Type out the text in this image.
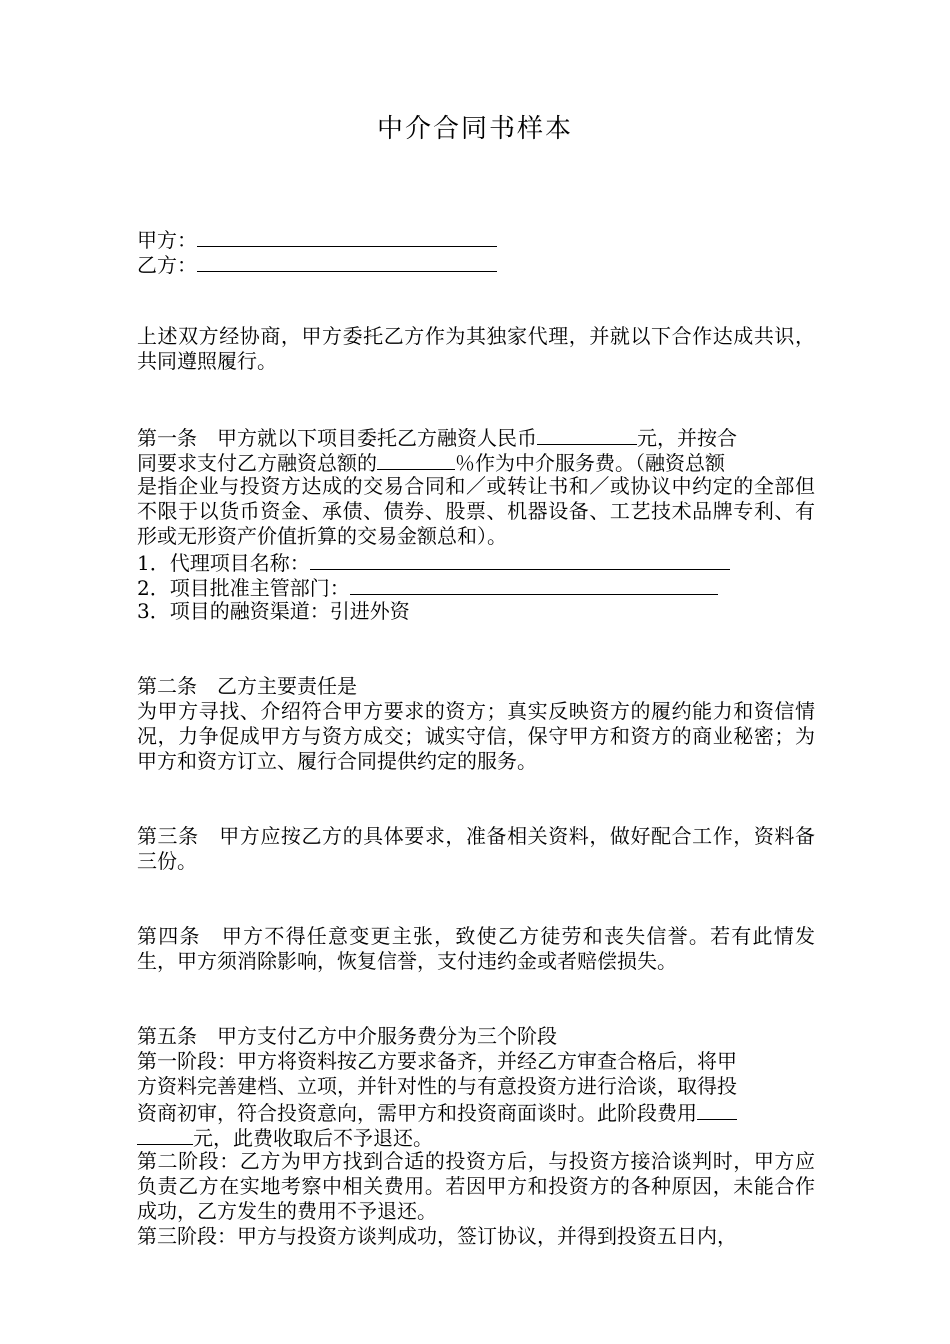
中介合同书样本
甲方：
乙方：
上述双方经协商，甲方委托乙方作为其独家代理，并就以下合作达成共识，共同遵照履行。
第一条　甲方就以下项目委托乙方融资人民币	元，并按合
同要求支付乙方融资总额的	％作为中介服务费。（融资总额
是指企业与投资方达成的交易合同和／或转让书和／或协议中约定的全部但不限于以货币资金、承债、债券、股票、机器设备、工艺技术品牌专利、有形或无形资产价值折算的交易金额总和）。
1．代理项目名称：
2．项目批准主管部门：
3．项目的融资渠道：引进外资
第二条　乙方主要责任是
为甲方寻找、介绍符合甲方要求的资方；真实反映资方的履约能力和资信情况，力争促成甲方与资方成交；诚实守信，保守甲方和资方的商业秘密；为甲方和资方订立、履行合同提供约定的服务。
第三条　甲方应按乙方的具体要求，准备相关资料，做好配合工作，资料备三份。
第四条　甲方不得任意变更主张，致使乙方徒劳和丧失信誉。若有此情发生，甲方须消除影响，恢复信誉，支付违约金或者赔偿损失。
第五条　甲方支付乙方中介服务费分为三个阶段
第一阶段：甲方将资料按乙方要求备齐，并经乙方审查合格后，将甲
方资料完善建档、立项，并针对性的与有意投资方进行洽谈，取得投
资商初审，符合投资意向，需甲方和投资商面谈时。此阶段费用
元，此费收取后不予退还。
第二阶段：乙方为甲方找到合适的投资方后，与投资方接洽谈判时，甲方应负责乙方在实地考察中相关费用。若因甲方和投资方的各种原因，未能合作成功，乙方发生的费用不予退还。
第三阶段：甲方与投资方谈判成功，签订协议，并得到投资五日内，
